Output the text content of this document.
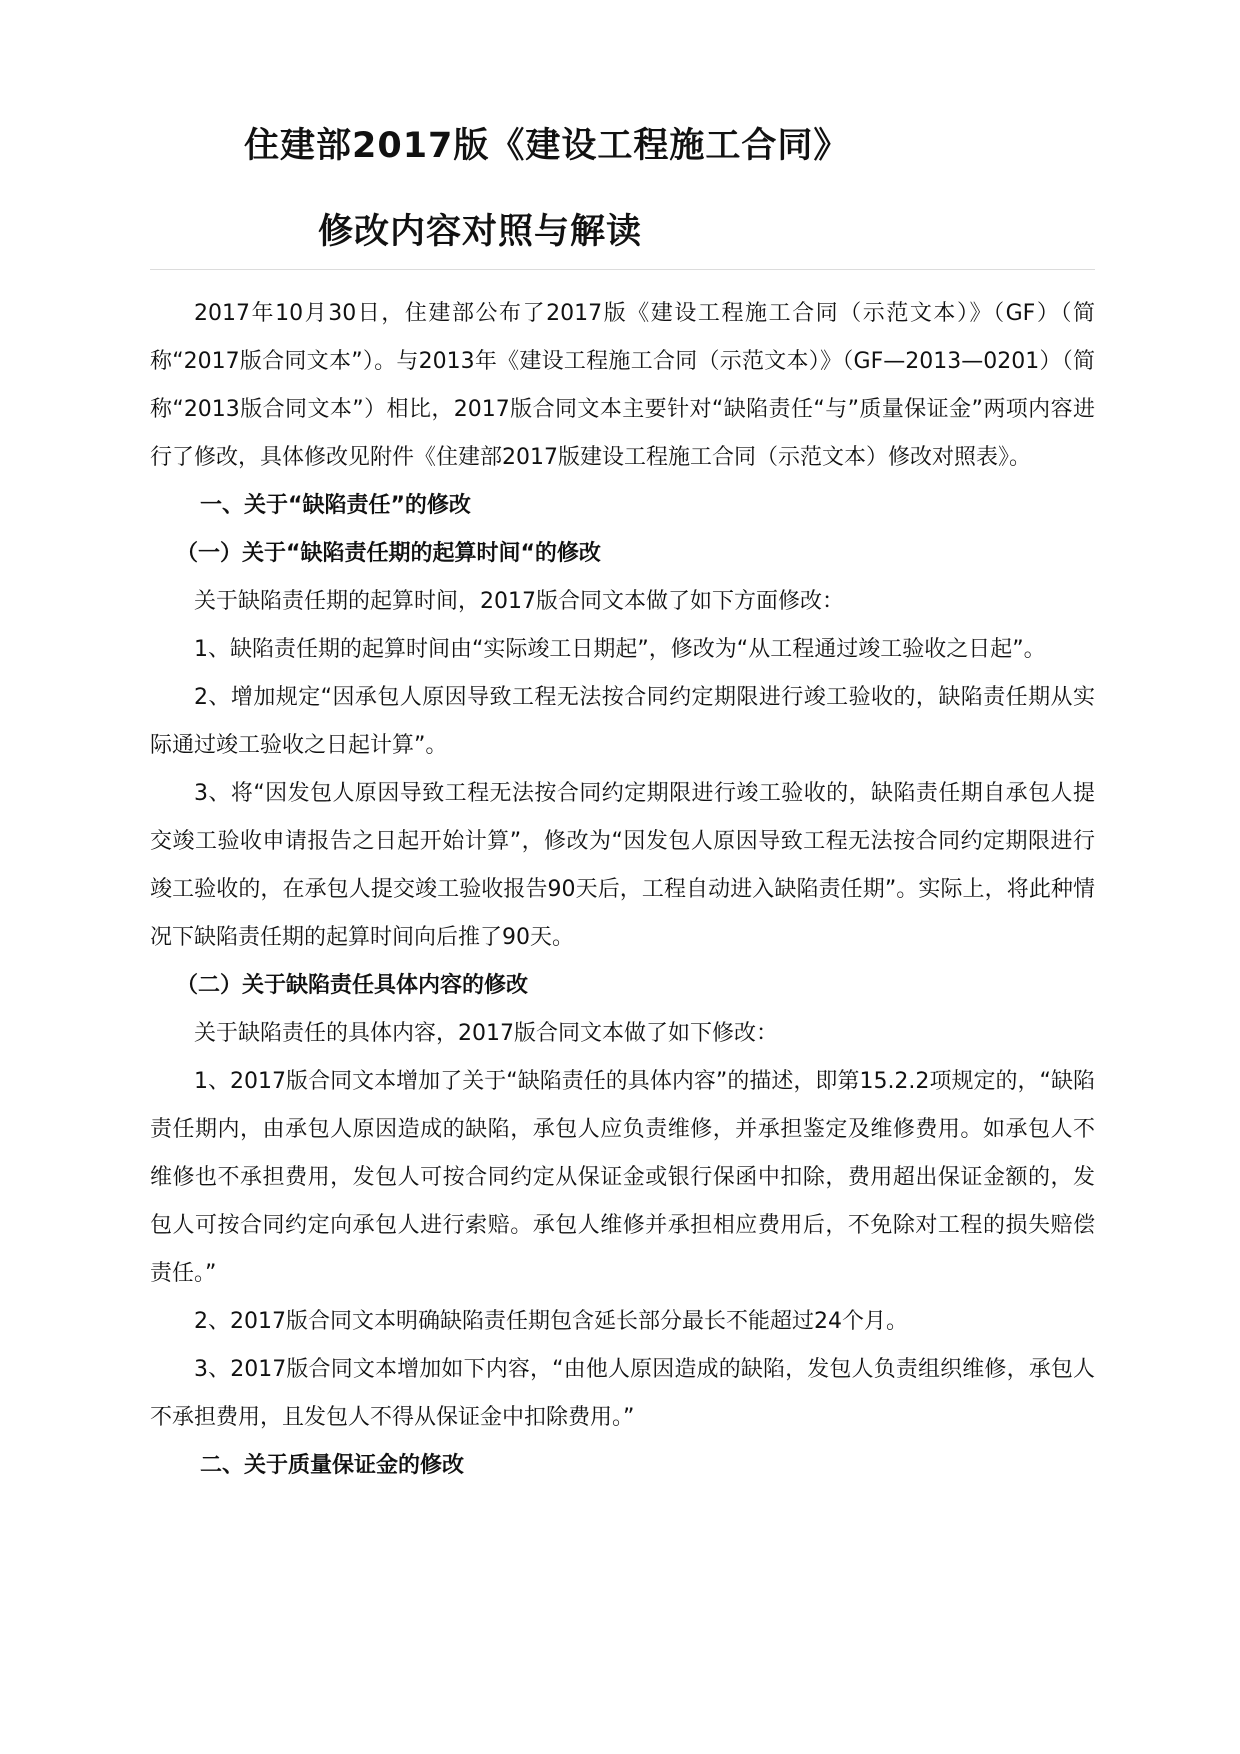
住建部2017版《建设工程施工合同》
修改内容对照与解读

2017年10月30日，住建部公布了2017版《建设工程施工合同（示范文本）》（GF）（简称“2017版合同文本”）。与2013年《建设工程施工合同（示范文本）》（GF—2013—0201）（简称“2013版合同文本”）相比，2017版合同文本主要针对“缺陷责任“与”质量保证金”两项内容进行了修改，具体修改见附件《住建部2017版建设工程施工合同（示范文本）修改对照表》。

一、关于“缺陷责任”的修改

（一）关于“缺陷责任期的起算时间“的修改

关于缺陷责任期的起算时间，2017版合同文本做了如下方面修改：

1、缺陷责任期的起算时间由“实际竣工日期起”，修改为“从工程通过竣工验收之日起”。

2、增加规定“因承包人原因导致工程无法按合同约定期限进行竣工验收的，缺陷责任期从实际通过竣工验收之日起计算”。

3、将“因发包人原因导致工程无法按合同约定期限进行竣工验收的，缺陷责任期自承包人提交竣工验收申请报告之日起开始计算”，修改为“因发包人原因导致工程无法按合同约定期限进行竣工验收的，在承包人提交竣工验收报告90天后，工程自动进入缺陷责任期”。实际上，将此种情况下缺陷责任期的起算时间向后推了90天。

（二）关于缺陷责任具体内容的修改

关于缺陷责任的具体内容，2017版合同文本做了如下修改：

1、2017版合同文本增加了关于“缺陷责任的具体内容”的描述，即第15.2.2项规定的，“缺陷责任期内，由承包人原因造成的缺陷，承包人应负责维修，并承担鉴定及维修费用。如承包人不维修也不承担费用，发包人可按合同约定从保证金或银行保函中扣除，费用超出保证金额的，发包人可按合同约定向承包人进行索赔。承包人维修并承担相应费用后，不免除对工程的损失赔偿责任。”

2、2017版合同文本明确缺陷责任期包含延长部分最长不能超过24个月。

3、2017版合同文本增加如下内容，“由他人原因造成的缺陷，发包人负责组织维修，承包人不承担费用，且发包人不得从保证金中扣除费用。”

二、关于质量保证金的修改
